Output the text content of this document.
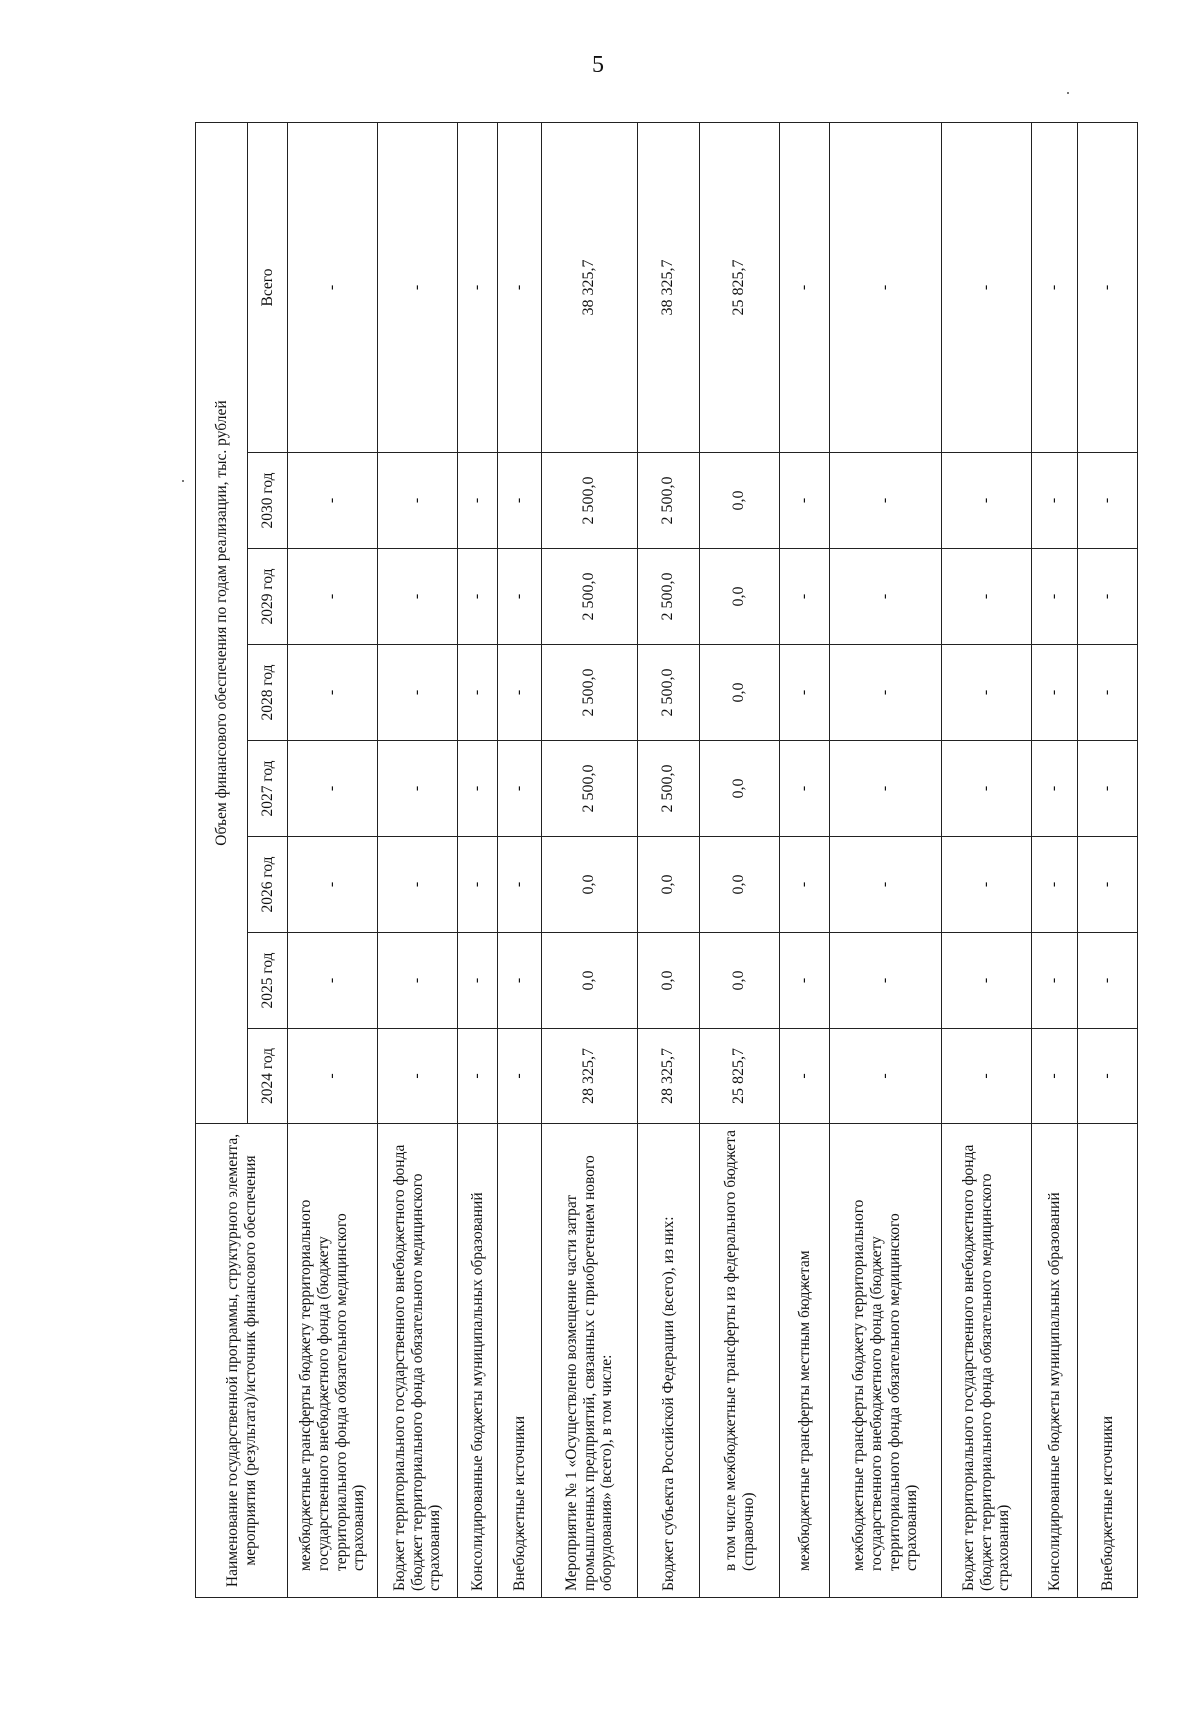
5
Наименование государственной программы, структурного элемента, мероприятия (результата)/источник финансового обеспечения	Объем финансового обеспечения по годам реализации, тыс. рублей							
	2024 год	2025 год	2026 год	2027 год	2028 год	2029 год	2030 год	Всего
межбюджетные трансферты бюджету территориального государственного внебюджетного фонда (бюджету территориального фонда обязательного медицинского страхования)	-	-	-	-	-	-	-	-
Бюджет территориального государственного внебюджетного фонда (бюджет территориального фонда обязательного медицинского страхования)	-	-	-	-	-	-	-	-
Консолидированные бюджеты муниципальных образований	-	-	-	-	-	-	-	-
Внебюджетные источники	-	-	-	-	-	-	-	-
Мероприятие № 1 «Осуществлено возмещение части затрат промышленных предприятий, связанных с приобретением нового оборудования» (всего), в том числе:	28 325,7	0,0	0,0	2 500,0	2 500,0	2 500,0	2 500,0	38 325,7
Бюджет субъекта Российской Федерации (всего), из них:	28 325,7	0,0	0,0	2 500,0	2 500,0	2 500,0	2 500,0	38 325,7
в том числе межбюджетные трансферты из федерального бюджета (справочно)	25 825,7	0,0	0,0	0,0	0,0	0,0	0,0	25 825,7
межбюджетные трансферты местным бюджетам	-	-	-	-	-	-	-	-
межбюджетные трансферты бюджету территориального государственного внебюджетного фонда (бюджету территориального фонда обязательного медицинского страхования)	-	-	-	-	-	-	-	-
Бюджет территориального государственного внебюджетного фонда (бюджет территориального фонда обязательного медицинского страхования)	-	-	-	-	-	-	-	-
Консолидированные бюджеты муниципальных образований	-	-	-	-	-	-	-	-
Внебюджетные источники	-	-	-	-	-	-	-	-
